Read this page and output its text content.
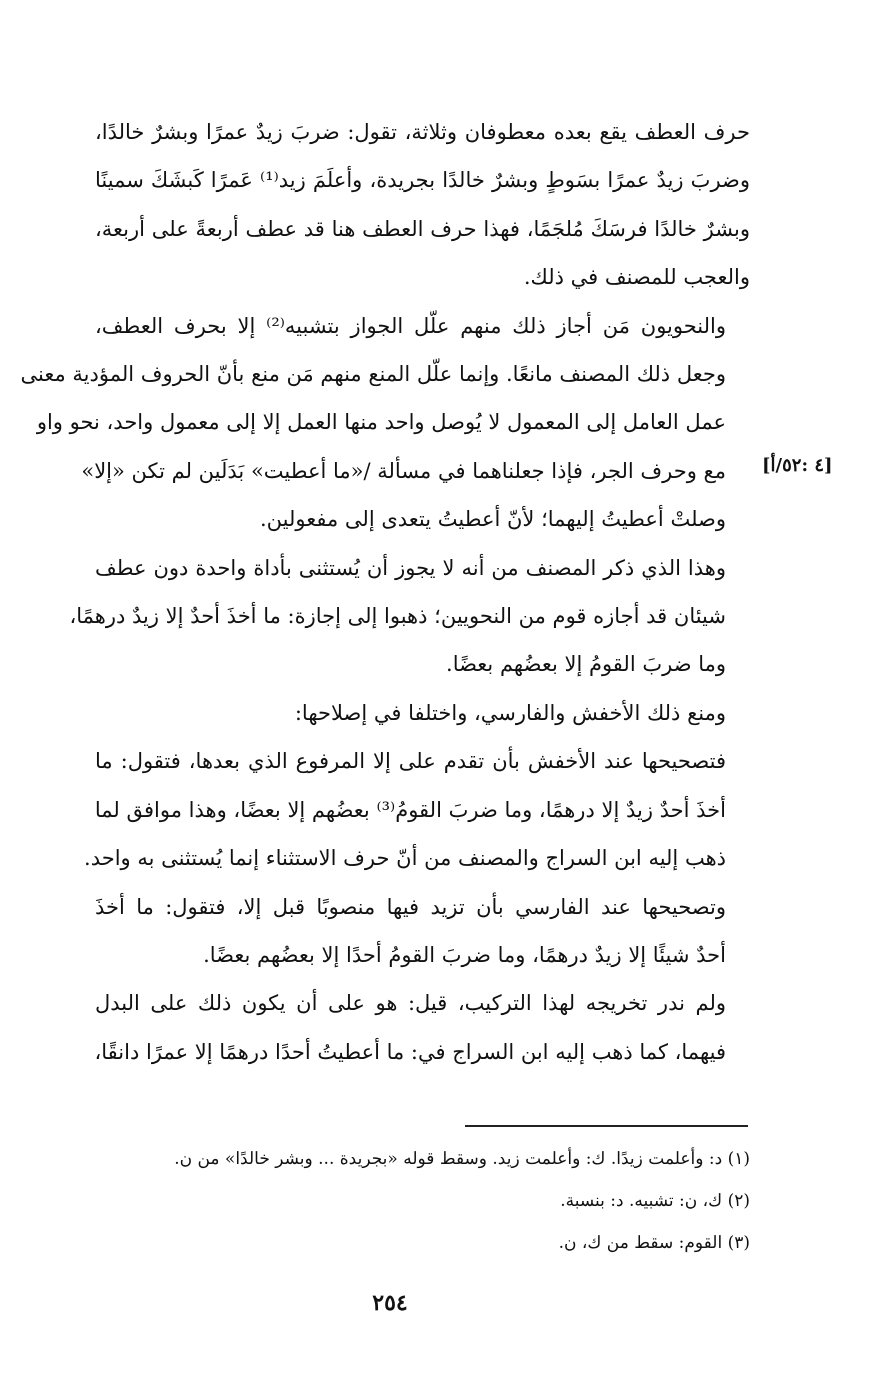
حرف العطف يقع بعده معطوفان وثلاثة، تقول: ضربَ زيدٌ عمرًا وبشرٌ خالدًا،
وضربَ زيدٌ عمرًا بسَوطٍ وبشرٌ خالدًا بجريدة، وأعلَمَ زيد⁽¹⁾ عَمرًا كَبشَكَ سمينًا
وبشرٌ خالدًا فرسَكَ مُلجَمًا، فهذا حرف العطف هنا قد عطف أربعةً على أربعة،
والعجب للمصنف في ذلك.

والنحويون مَن أجاز ذلك منهم علّل الجواز بتشبيه⁽²⁾ إلا بحرف العطف،
وجعل ذلك المصنف مانعًا. وإنما علّل المنع منهم مَن منع بأنّ الحروف المؤدية معنى
عمل العامل إلى المعمول لا يُوصل واحد منها العمل إلا إلى معمول واحد، نحو واو
مع وحرف الجر، فإذا جعلناهما في مسألة /«ما أعطيت» بَدَلَين لم تكن «إلا»
وصلتْ أعطيتُ إليهما؛ لأنّ أعطيتُ يتعدى إلى مفعولين.

وهذا الذي ذكر المصنف من أنه لا يجوز أن يُستثنى بأداة واحدة دون عطف
شيئان قد أجازه قوم من النحويين؛ ذهبوا إلى إجازة: ما أخذَ أحدٌ إلا زيدٌ درهمًا،
وما ضربَ القومُ إلا بعضُهم بعضًا.

ومنع ذلك الأخفش والفارسي، واختلفا في إصلاحها:

فتصحيحها عند الأخفش بأن تقدم على إلا المرفوع الذي بعدها، فتقول: ما
أخذَ أحدٌ زيدٌ إلا درهمًا، وما ضربَ القومُ⁽³⁾ بعضُهم إلا بعضًا، وهذا موافق لما
ذهب إليه ابن السراج والمصنف من أنّ حرف الاستثناء إنما يُستثنى به واحد.

وتصحيحها عند الفارسي بأن تزيد فيها منصوبًا قبل إلا، فتقول: ما أخذَ
أحدٌ شيئًا إلا زيدٌ درهمًا، وما ضربَ القومُ أحدًا إلا بعضُهم بعضًا.

ولم ندر تخريجه لهذا التركيب، قيل: هو على أن يكون ذلك على البدل
فيهما، كما ذهب إليه ابن السراج في: ما أعطيتُ أحدًا درهمًا إلا عمرًا دانقًا،

[٤ :٥٢/أ]

(١) د: وأعلمت زيدًا. ك: وأعلمت زيد. وسقط قوله «بجريدة ... وبشر خالدًا» من ن.

(٢) ك، ن: تشبيه. د: بنسبة.

(٣) القوم: سقط من ك، ن.

٢٥٤
